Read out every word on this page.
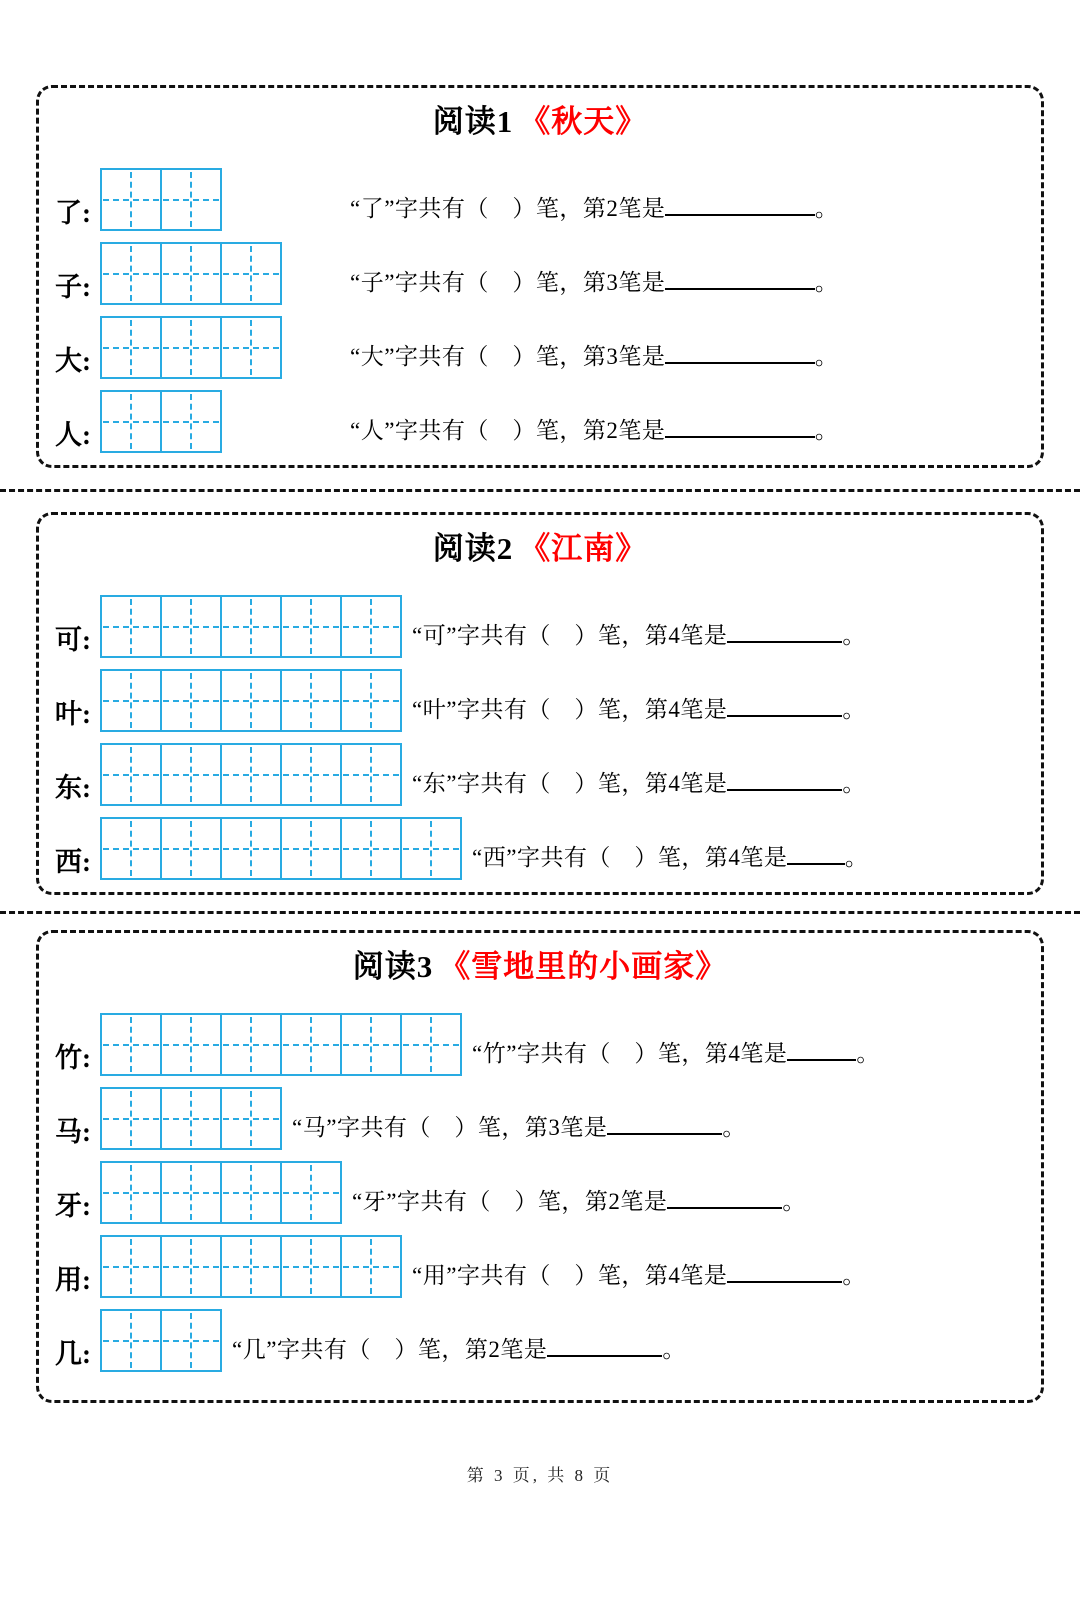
阅读1 《秋天》
了:	“了”字共有（　）笔，第2笔是	。
子:	“子”字共有（　）笔，第3笔是	。
大:	“大”字共有（　）笔，第3笔是	。
人:	“人”字共有（　）笔，第2笔是	。
阅读2 《江南》
可:	“可”字共有（　）笔，第4笔是	。
叶:	“叶”字共有（　）笔，第4笔是	。
东:	“东”字共有（　）笔，第4笔是	。
西:	“西”字共有（　）笔，第4笔是	。
阅读3 《雪地里的小画家》
竹:	“竹”字共有（　）笔，第4笔是	。
马:	“马”字共有（　）笔，第3笔是	。
牙:	“牙”字共有（　）笔，第2笔是	。
用:	“用”字共有（　）笔，第4笔是	。
几:	“几”字共有（　）笔，第2笔是	。
第 3 页, 共 8 页
